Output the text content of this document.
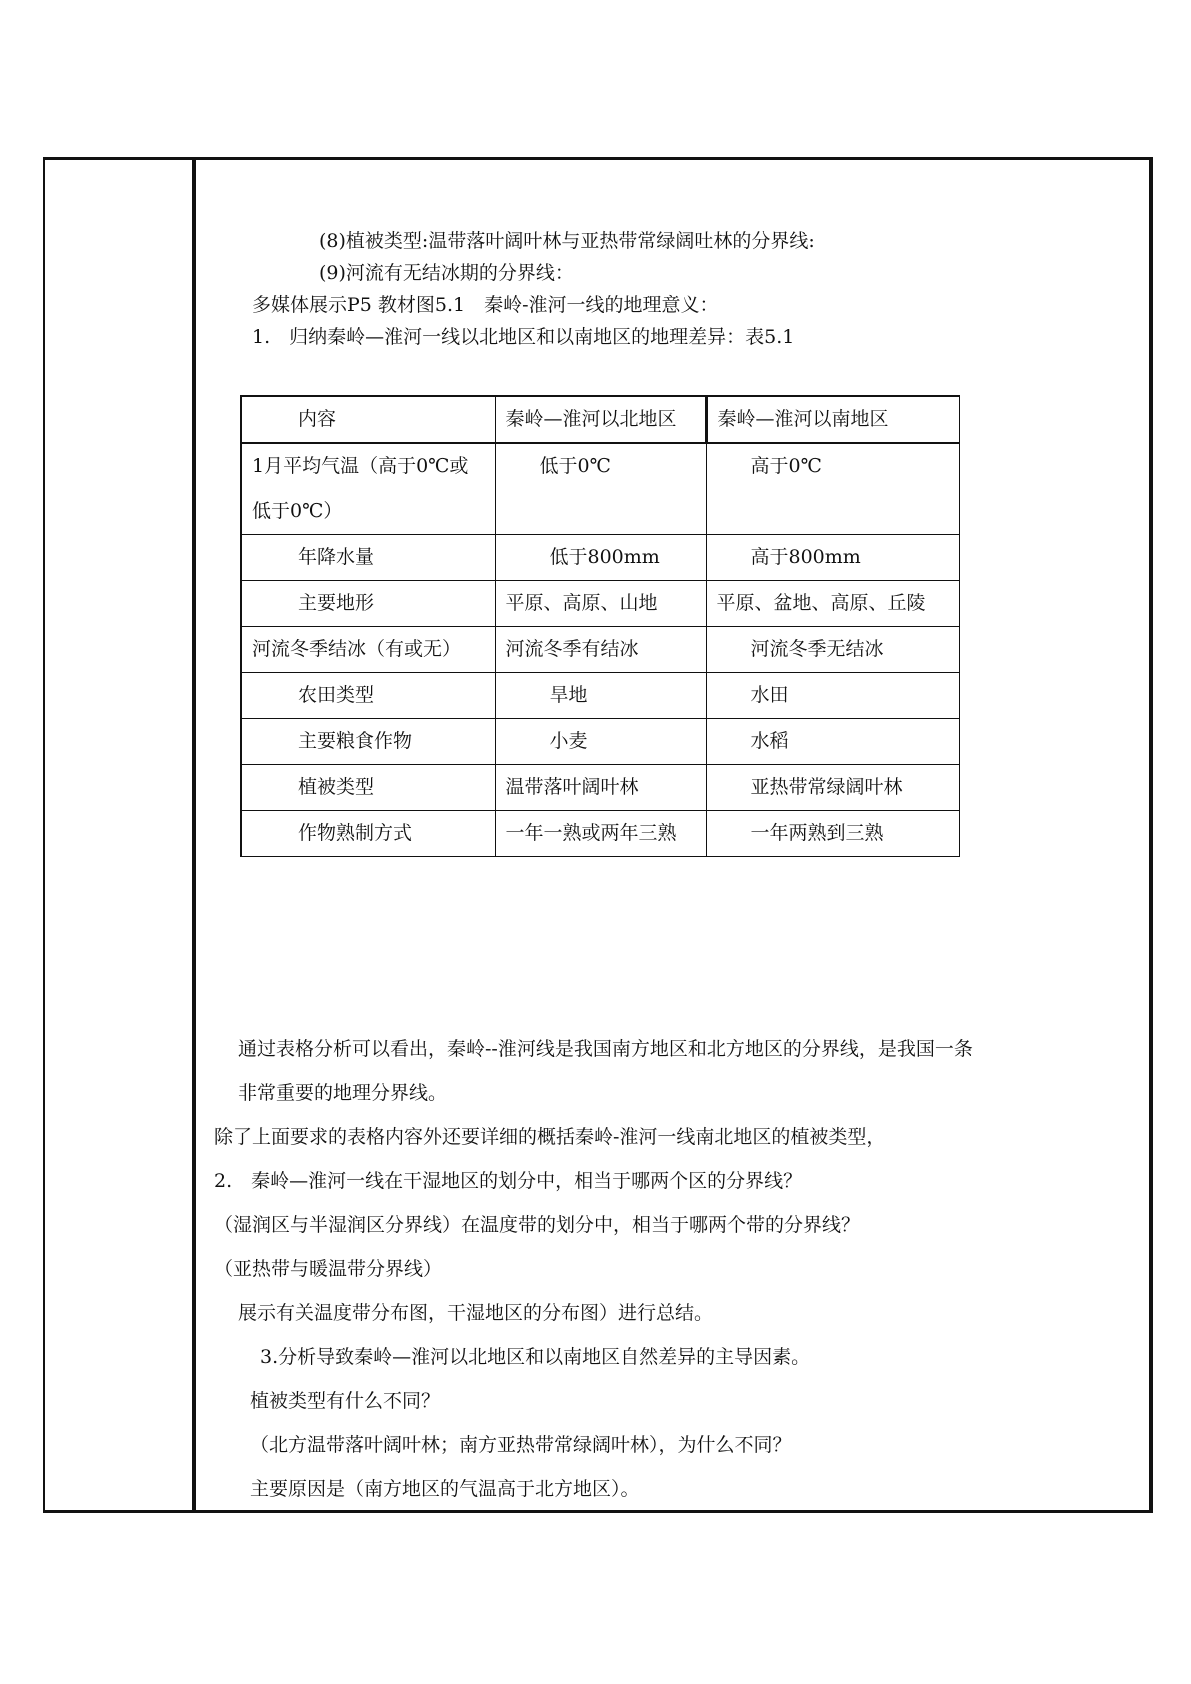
(8)植被类型:温带落叶阔叶林与亚热带常绿阔吐林的分界线:
(9)河流有无结冰期的分界线：
多媒体展示P5 教材图5.1　秦岭-淮河一线的地理意义：
1.　归纳秦岭—淮河一线以北地区和以南地区的地理差异：表5.1
内容	秦岭—淮河以北地区	秦岭—淮河以南地区
1月平均气温（高于0℃或低于0℃）	低于0℃	高于0℃
年降水量	低于800mm	高于800mm
主要地形	平原、高原、山地	平原、盆地、高原、丘陵
河流冬季结冰（有或无）	河流冬季有结冰	河流冬季无结冰
农田类型	旱地	水田
主要粮食作物	小麦	水稻
植被类型	温带落叶阔叶林	亚热带常绿阔叶林
作物熟制方式	一年一熟或两年三熟	一年两熟到三熟
通过表格分析可以看出，秦岭--淮河线是我国南方地区和北方地区的分界线，是我国一条
非常重要的地理分界线。
除了上面要求的表格内容外还要详细的概括秦岭-淮河一线南北地区的植被类型，
2.　秦岭—淮河一线在干湿地区的划分中，相当于哪两个区的分界线？
（湿润区与半湿润区分界线）在温度带的划分中，相当于哪两个带的分界线？
（亚热带与暖温带分界线）
展示有关温度带分布图，干湿地区的分布图）进行总结。
3.分析导致秦岭—淮河以北地区和以南地区自然差异的主导因素。
植被类型有什么不同？
（北方温带落叶阔叶林；南方亚热带常绿阔叶林），为什么不同？
主要原因是（南方地区的气温高于北方地区）。
